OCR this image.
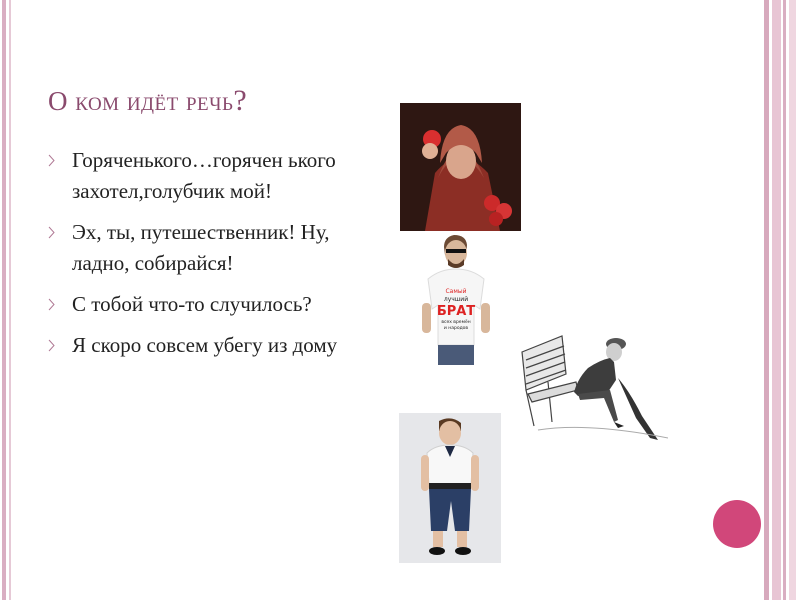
О ком идёт речь?
Горяченького…горячен ького захотел,голубчик мой!
Эх, ты, путешественник! Ну, ладно, собирайся!
С тобой что-то случилось?
Я скоро совсем убегу из дому
Самый
лучший
БРАТ
всех времён
и народов
